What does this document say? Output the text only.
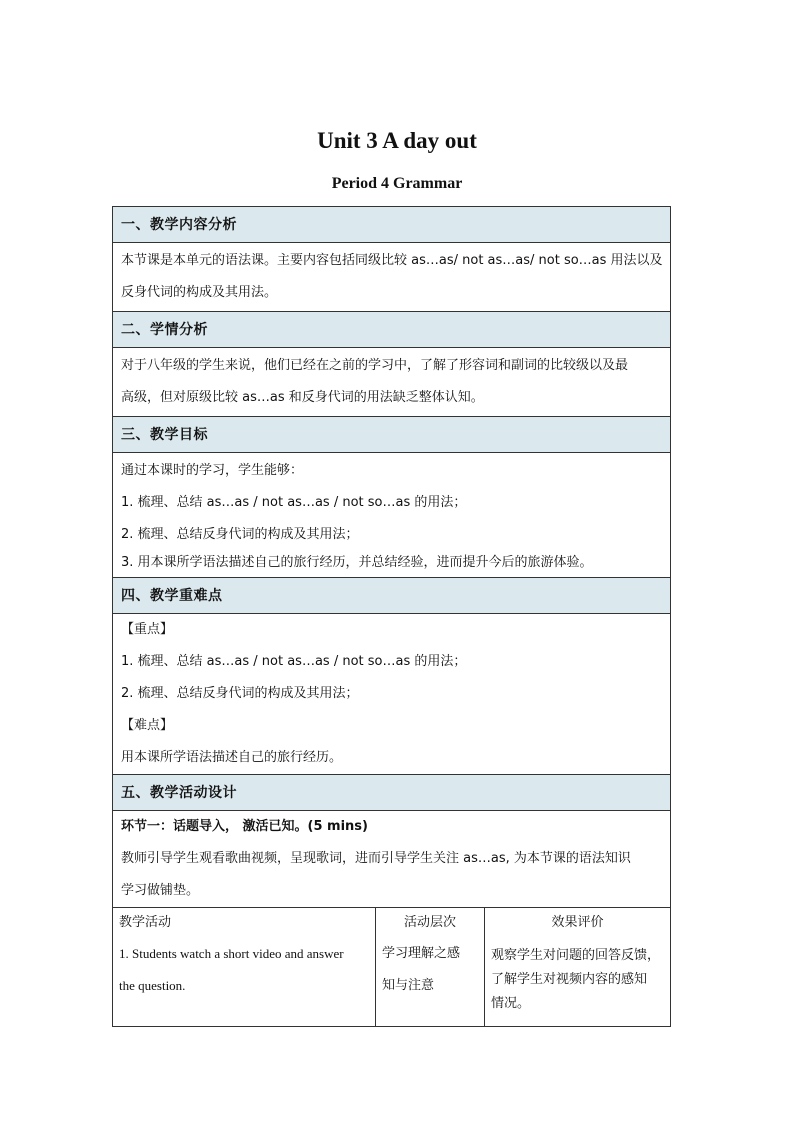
Unit 3 A day out
Period 4 Grammar
一、教学内容分析
本节课是本单元的语法课。主要内容包括同级比较 as…as/ not as…as/ not so…as 用法以及
反身代词的构成及其用法。
二、学情分析
对于八年级的学生来说，他们已经在之前的学习中，了解了形容词和副词的比较级以及最
高级，但对原级比较 as…as 和反身代词的用法缺乏整体认知。
三、教学目标
通过本课时的学习，学生能够：
1. 梳理、总结 as…as / not as…as / not so…as 的用法；
2. 梳理、总结反身代词的构成及其用法；
3. 用本课所学语法描述自己的旅行经历，并总结经验，进而提升今后的旅游体验。
四、教学重难点
【重点】
1. 梳理、总结 as…as / not as…as / not so…as 的用法；
2. 梳理、总结反身代词的构成及其用法；
【难点】
用本课所学语法描述自己的旅行经历。
五、教学活动设计
环节一：话题导入， 激活已知。(5 mins)
教师引导学生观看歌曲视频，呈现歌词，进而引导学生关注 as…as, 为本节课的语法知识
学习做铺垫。
教学活动
1. Students watch a short video and answer
the question.
活动层次
学习理解之感
知与注意
效果评价
观察学生对问题的回答反馈，
了解学生对视频内容的感知
情况。
